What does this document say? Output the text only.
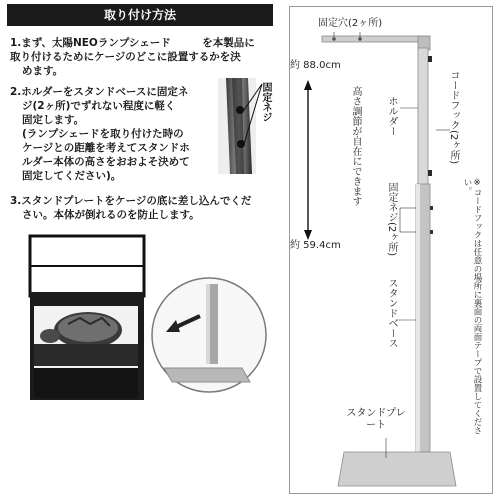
取り付け方法
1.まず、太陽NEOランプシェード　　　を本製品に
取り付けるためにケージのどこに設置するかを決
めます。
2.ホルダーをスタンドベースに固定ネ
ジ(2ヶ所)でずれない程度に軽く
固定します。
(ランプシェードを取り付けた時の
ケージとの距離を考えてスタンドホ
ルダー本体の高さをおおよそ決めて
固定してください)。
固定ネジ
3.スタンドプレートをケージの底に差し込んでくだ
さい。本体が倒れるのを防止します。
固定穴(2ヶ所)
約 88.0cm
約 59.4cm
高さ調節が自在にできます	ホルダー	コードフック(2ヶ所)
※コードフックは任意の場所に裏面の両面テープで設置してください。
固定ネジ(2ヶ所)
スタンドベース
スタンドプレート
